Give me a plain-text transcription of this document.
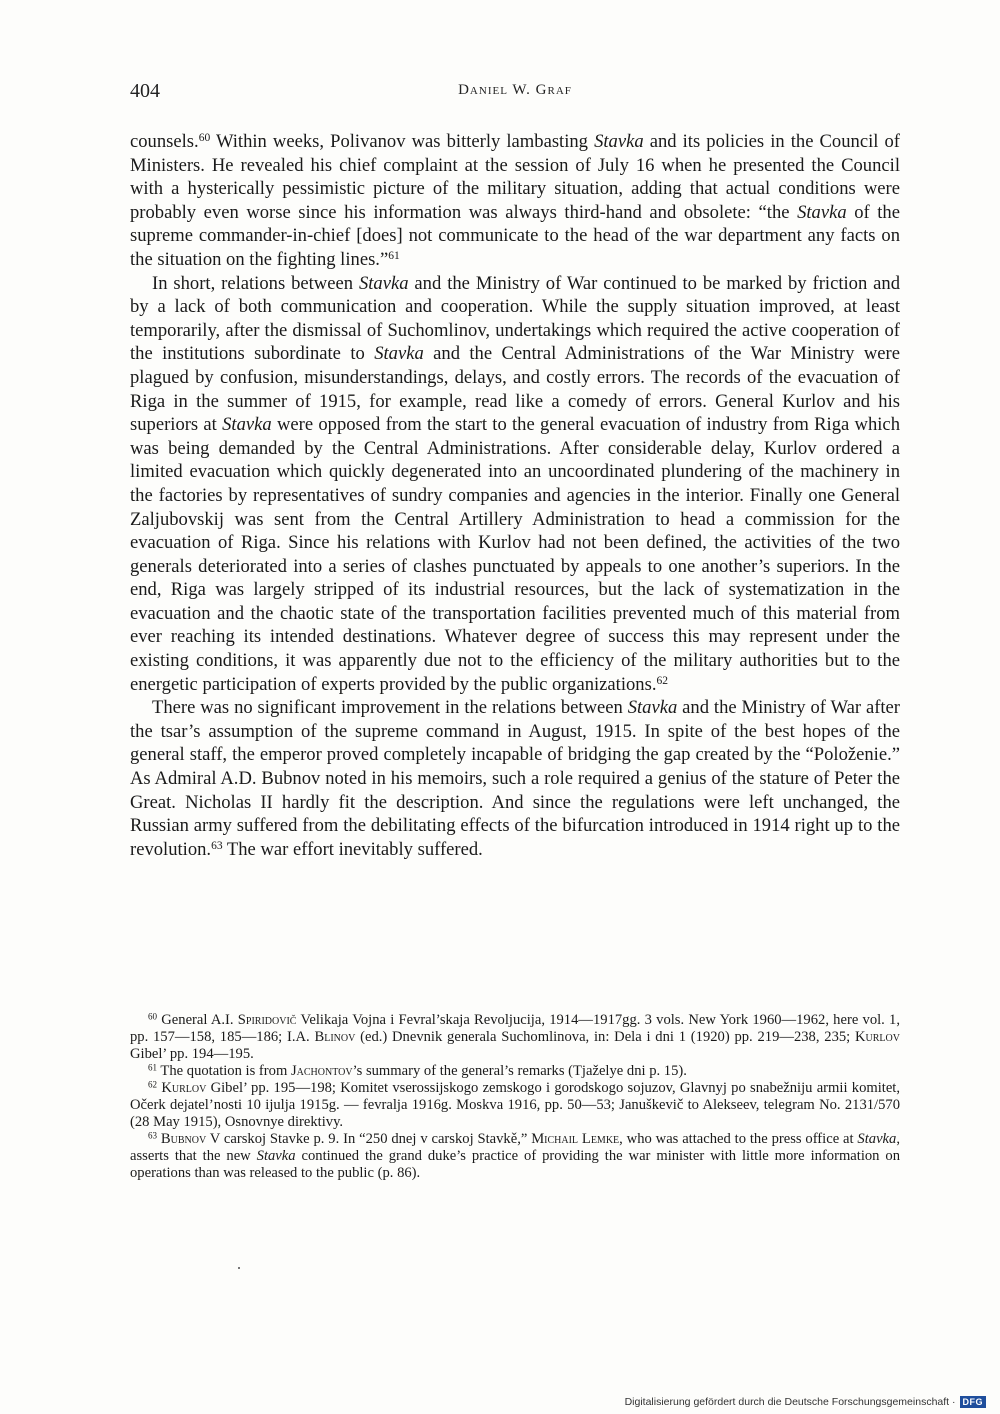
404	Daniel W. Graf

counsels.$^{60}$ Within weeks, Polivanov was bitterly lambasting Stavka and its policies in the Council of Ministers. He revealed his chief complaint at the session of July 16 when he presented the Council with a hysterically pessimistic picture of the military situation, adding that actual conditions were probably even worse since his information was always third-hand and obsolete: “the Stavka of the supreme commander-in-chief [does] not communicate to the head of the war department any facts on the situation on the fighting lines.”$^{61}$

In short, relations between Stavka and the Ministry of War continued to be marked by friction and by a lack of both communication and cooperation. While the supply situation improved, at least temporarily, after the dismissal of Suchomlinov, undertakings which required the active cooperation of the institutions subordinate to Stavka and the Central Administrations of the War Ministry were plagued by confusion, misunderstandings, delays, and costly errors. The records of the evacuation of Riga in the summer of 1915, for example, read like a comedy of errors. General Kurlov and his superiors at Stavka were opposed from the start to the general evacuation of industry from Riga which was being demanded by the Central Administrations. After considerable delay, Kurlov ordered a limited evacuation which quickly degenerated into an uncoordinated plundering of the machinery in the factories by representatives of sundry companies and agencies in the interior. Finally one General Zaljubovskij was sent from the Central Artillery Administration to head a commission for the evacuation of Riga. Since his relations with Kurlov had not been defined, the activities of the two generals deteriorated into a series of clashes punctuated by appeals to one another’s superiors. In the end, Riga was largely stripped of its industrial resources, but the lack of systematization in the evacuation and the chaotic state of the transportation facilities prevented much of this material from ever reaching its intended destinations. Whatever degree of success this may represent under the existing conditions, it was apparently due not to the efficiency of the military authorities but to the energetic participation of experts provided by the public organizations.$^{62}$

There was no significant improvement in the relations between Stavka and the Ministry of War after the tsar’s assumption of the supreme command in August, 1915. In spite of the best hopes of the general staff, the emperor proved completely incapable of bridging the gap created by the “Položenie.” As Admiral A.D. Bubnov noted in his memoirs, such a role required a genius of the stature of Peter the Great. Nicholas II hardly fit the description. And since the regulations were left unchanged, the Russian army suffered from the debilitating effects of the bifurcation introduced in 1914 right up to the revolution.$^{63}$ The war effort inevitably suffered.

$^{60}$ General A.I. Spiridovič Velikaja Vojna i Fevral’skaja Revoljucija, 1914—1917gg. 3 vols. New York 1960—1962, here vol. 1, pp. 157—158, 185—186; I.A. Blinov (ed.) Dnevnik generala Suchomlinova, in: Dela i dni 1 (1920) pp. 219—238, 235; Kurlov Gibel’ pp. 194—195.

$^{61}$ The quotation is from Jachontov’s summary of the general’s remarks (Tjaželye dni p. 15).

$^{62}$ Kurlov Gibel’ pp. 195—198; Komitet vserossijskogo zemskogo i gorodskogo sojuzov, Glavnyj po snabežniju armii komitet, Očerk dejatel’nosti 10 ijulja 1915g. — fevralja 1916g. Moskva 1916, pp. 50—53; Januškevič to Alekseev, telegram No. 2131/570 (28 May 1915), Osnovnye direktivy.

$^{63}$ Bubnov V carskoj Stavke p. 9. In “250 dnej v carskoj Stavkě,” Michail Lemke, who was attached to the press office at Stavka, asserts that the new Stavka continued the grand duke’s practice of providing the war minister with little more information on operations than was released to the public (p. 86).

Digitalisierung gefördert durch die Deutsche Forschungsgemeinschaft · DFG
